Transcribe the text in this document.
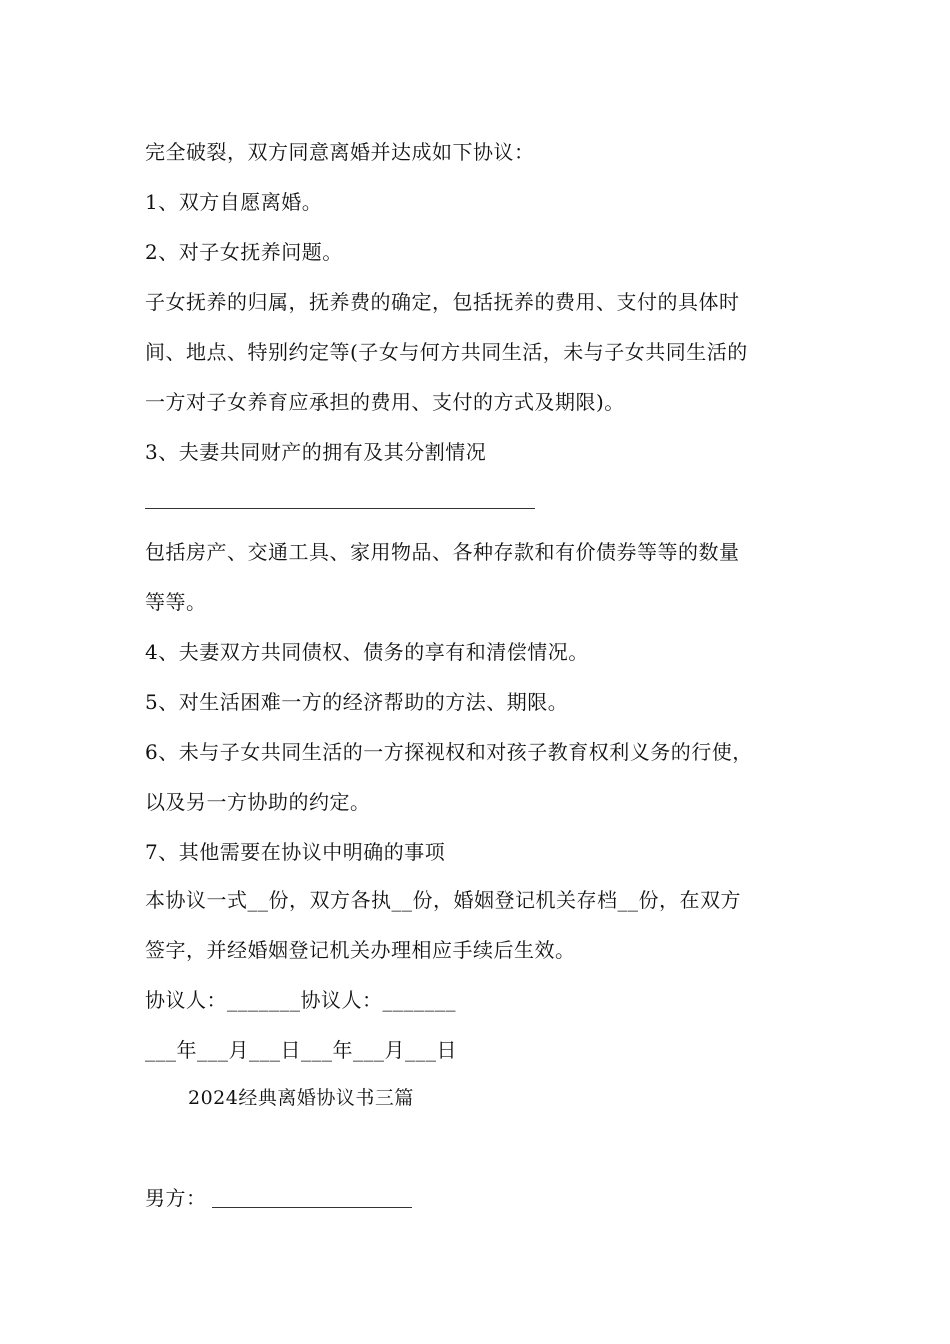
完全破裂，双方同意离婚并达成如下协议：
1、双方自愿离婚。
2、对子女抚养问题。
子女抚养的归属，抚养费的确定，包括抚养的费用、支付的具体时
间、地点、特别约定等(子女与何方共同生活，未与子女共同生活的
一方对子女养育应承担的费用、支付的方式及期限)。
3、夫妻共同财产的拥有及其分割情况
包括房产、交通工具、家用物品、各种存款和有价债券等等的数量
等等。
4、夫妻双方共同债权、债务的享有和清偿情况。
5、对生活困难一方的经济帮助的方法、期限。
6、未与子女共同生活的一方探视权和对孩子教育权利义务的行使，
以及另一方协助的约定。
7、其他需要在协议中明确的事项
本协议一式__份，双方各执__份，婚姻登记机关存档__份，在双方
签字，并经婚姻登记机关办理相应手续后生效。
协议人：_______协议人：_______
___年___月___日___年___月___日
2024经典离婚协议书三篇
男方：
